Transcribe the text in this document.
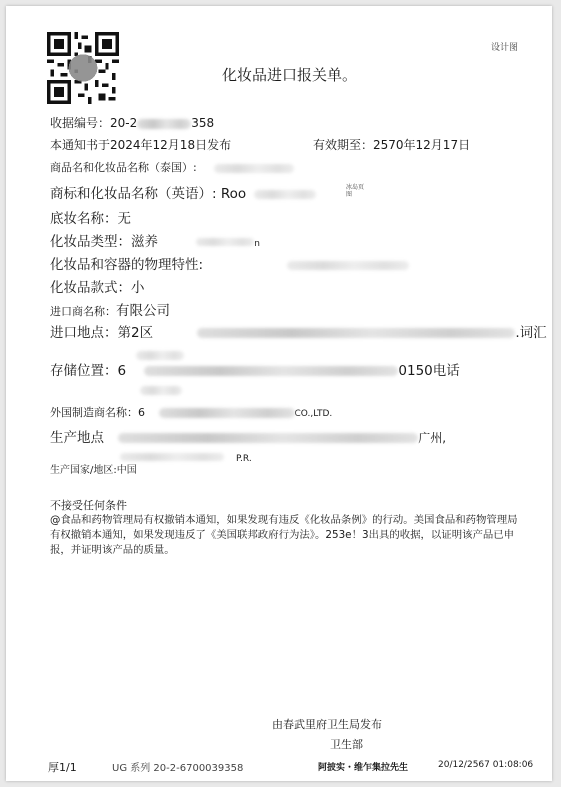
设计图
化妆品进口报关单。
收据编号：20-2	358
本通知书于2024年12月18日发布	有效期至：2570年12月17日
商品名和化妆品名称（泰国）:
商标和化妆品名称（英语）: Roo	冰岛页
图
底妆名称：无
化妆品类型：滋养	n
化妆品和容器的物理特性:
化妆品款式：小
进口商名称：有限公司
进口地点：第2区	.词汇
存储位置：6	0150电话
外国制造商名称：6	CO.,LTD.
生产地点	广州,
P.R.
生产国家/地区:中国
不接受任何条件
@食品和药物管理局有权撤销本通知，如果发现有违反《化妆品条例》的行动。美国食品和药物管理局有权撤销本通知，如果发现违反了《美国联邦政府行为法》。253e！3出具的收据，以证明该产品已申报，并证明该产品的质量。
由春武里府卫生局发布
卫生部
厚1/1	UG 系列 20-2-6700039358	阿披实・维乍集拉先生	20/12/2567 01:08:06
